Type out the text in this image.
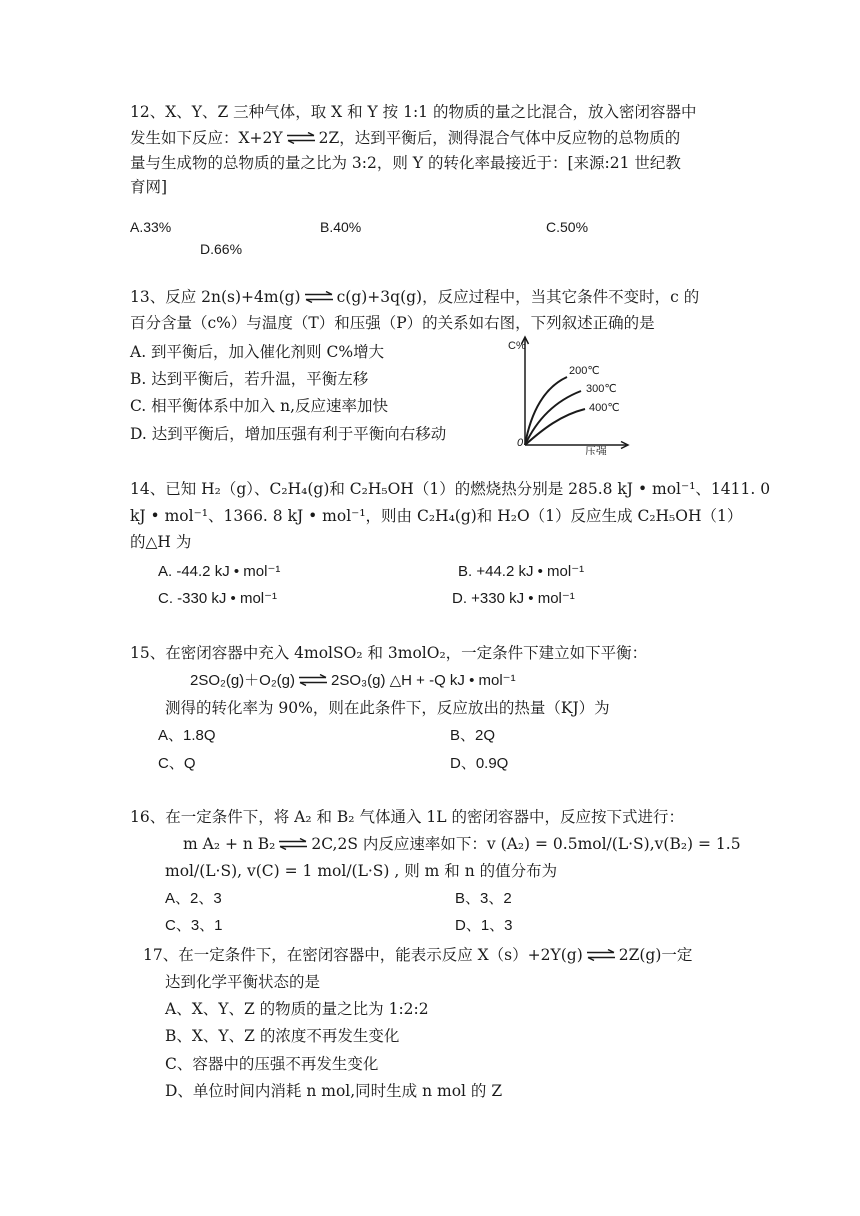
12、X、Y、Z 三种气体，取 X 和 Y 按 1:1 的物质的量之比混合，放入密闭容器中
发生如下反应：X+2Y ⇌ 2Z，达到平衡后，测得混合气体中反应物的总物质的
量与生成物的总物质的量之比为 3:2，则 Y 的转化率最接近于：[来源:21 世纪教
育网]
A.33%	B.40%	C.50%
D.66%
13、反应 2n(s)+4m(g) ⇌ c(g)+3q(g)，反应过程中，当其它条件不变时，c 的
百分含量（c%）与温度（T）和压强（P）的关系如右图，下列叙述正确的是
A. 到平衡后，加入催化剂则 C%增大
B. 达到平衡后，若升温，平衡左移
C. 相平衡体系中加入 n,反应速率加快
D. 达到平衡后，增加压强有利于平衡向右移动
C%
0
压强
200℃
300℃
400℃
14、已知 H₂（g）、C₂H₄(g)和 C₂H₅OH（1）的燃烧热分别是 285.8 kJ • mol⁻¹、1411. 0
kJ • mol⁻¹、1366. 8 kJ • mol⁻¹，则由 C₂H₄(g)和 H₂O（1）反应生成 C₂H₅OH（1）
的△H 为
A. -44.2 kJ • mol⁻¹	B. +44.2 kJ • mol⁻¹
C. -330 kJ • mol⁻¹	D. +330 kJ • mol⁻¹
15、在密闭容器中充入 4molSO₂ 和 3molO₂，一定条件下建立如下平衡：
2SO₂(g)＋O₂(g) ⇌ 2SO₃(g) △H + -Q kJ • mol⁻¹
测得的转化率为 90%，则在此条件下，反应放出的热量（KJ）为
A、1.8Q	B、2Q
C、Q	D、0.9Q
16、在一定条件下，将 A₂ 和 B₂ 气体通入 1L 的密闭容器中，反应按下式进行：
m A₂ + n B₂ ⇌ 2C,2S 内反应速率如下：v (A₂) = 0.5mol/(L·S),v(B₂) = 1.5
mol/(L·S), v(C) = 1 mol/(L·S) , 则 m 和 n 的值分布为
A、2、3	B、3、2
C、3、1	D、1、3
17、在一定条件下，在密闭容器中，能表示反应 X（s）+2Y(g) ⇌ 2Z(g)一定
达到化学平衡状态的是
A、X、Y、Z 的物质的量之比为 1:2:2
B、X、Y、Z 的浓度不再发生变化
C、容器中的压强不再发生变化
D、单位时间内消耗 n mol,同时生成 n mol 的 Z
